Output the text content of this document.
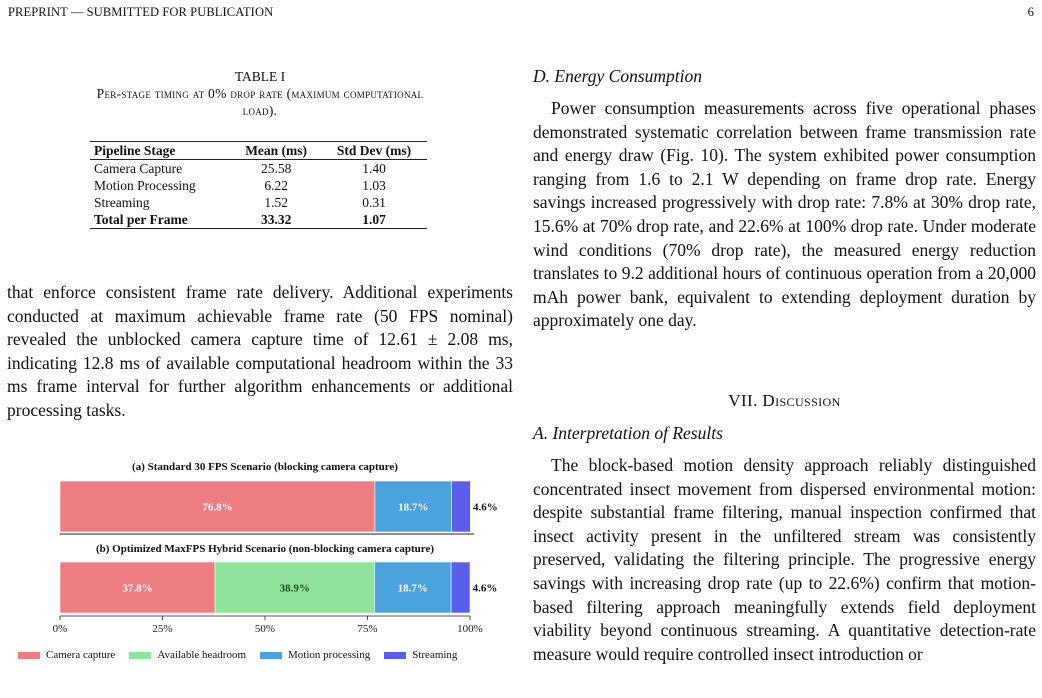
PREPRINT — SUBMITTED FOR PUBLICATION	6
TABLE I
Per-stage timing at 0% drop rate (maximum computational
load).
Pipeline Stage	Mean (ms)	Std Dev (ms)
Camera Capture	25.58	1.40
Motion Processing	6.22	1.03
Streaming	1.52	0.31
Total per Frame	33.32	1.07
that enforce consistent frame rate delivery. Additional experiments conducted at maximum achievable frame rate (50 FPS nominal) revealed the unblocked camera capture time of 12.61 ± 2.08 ms, indicating 12.8 ms of available computational headroom within the 33 ms frame interval for further algorithm enhancements or additional processing tasks.
D. Energy Consumption
Power consumption measurements across five operational phases demonstrated systematic correlation between frame transmission rate and energy draw (Fig. 10). The system exhibited power consumption ranging from 1.6 to 2.1 W depending on frame drop rate. Energy savings increased progressively with drop rate: 7.8% at 30% drop rate, 15.6% at 70% drop rate, and 22.6% at 100% drop rate. Under moderate wind conditions (70% drop rate), the measured energy reduction translates to 9.2 additional hours of continuous operation from a 20,000 mAh power bank, equivalent to extending deployment duration by approximately one day.
VII. Discussion
A. Interpretation of Results
The block-based motion density approach reliably distinguished concentrated insect movement from dispersed environmental motion: despite substantial frame filtering, manual inspection confirmed that insect activity present in the unfiltered stream was consistently preserved, validating the filtering principle. The progressive energy savings with increasing drop rate (up to 22.6%) confirm that motion-based filtering approach meaningfully extends field deployment viability beyond continuous streaming. A quantitative detection-rate measure would require controlled insect introduction or
(a) Standard 30 FPS Scenario (blocking camera capture)
76.8%	18.7%	4.6%
(b) Optimized MaxFPS Hybrid Scenario (non-blocking camera capture)
37.8%	38.9%	18.7%	4.6%
0%	25%	50%	75%	100%
Camera capture	Available headroom	Motion processing	Streaming
